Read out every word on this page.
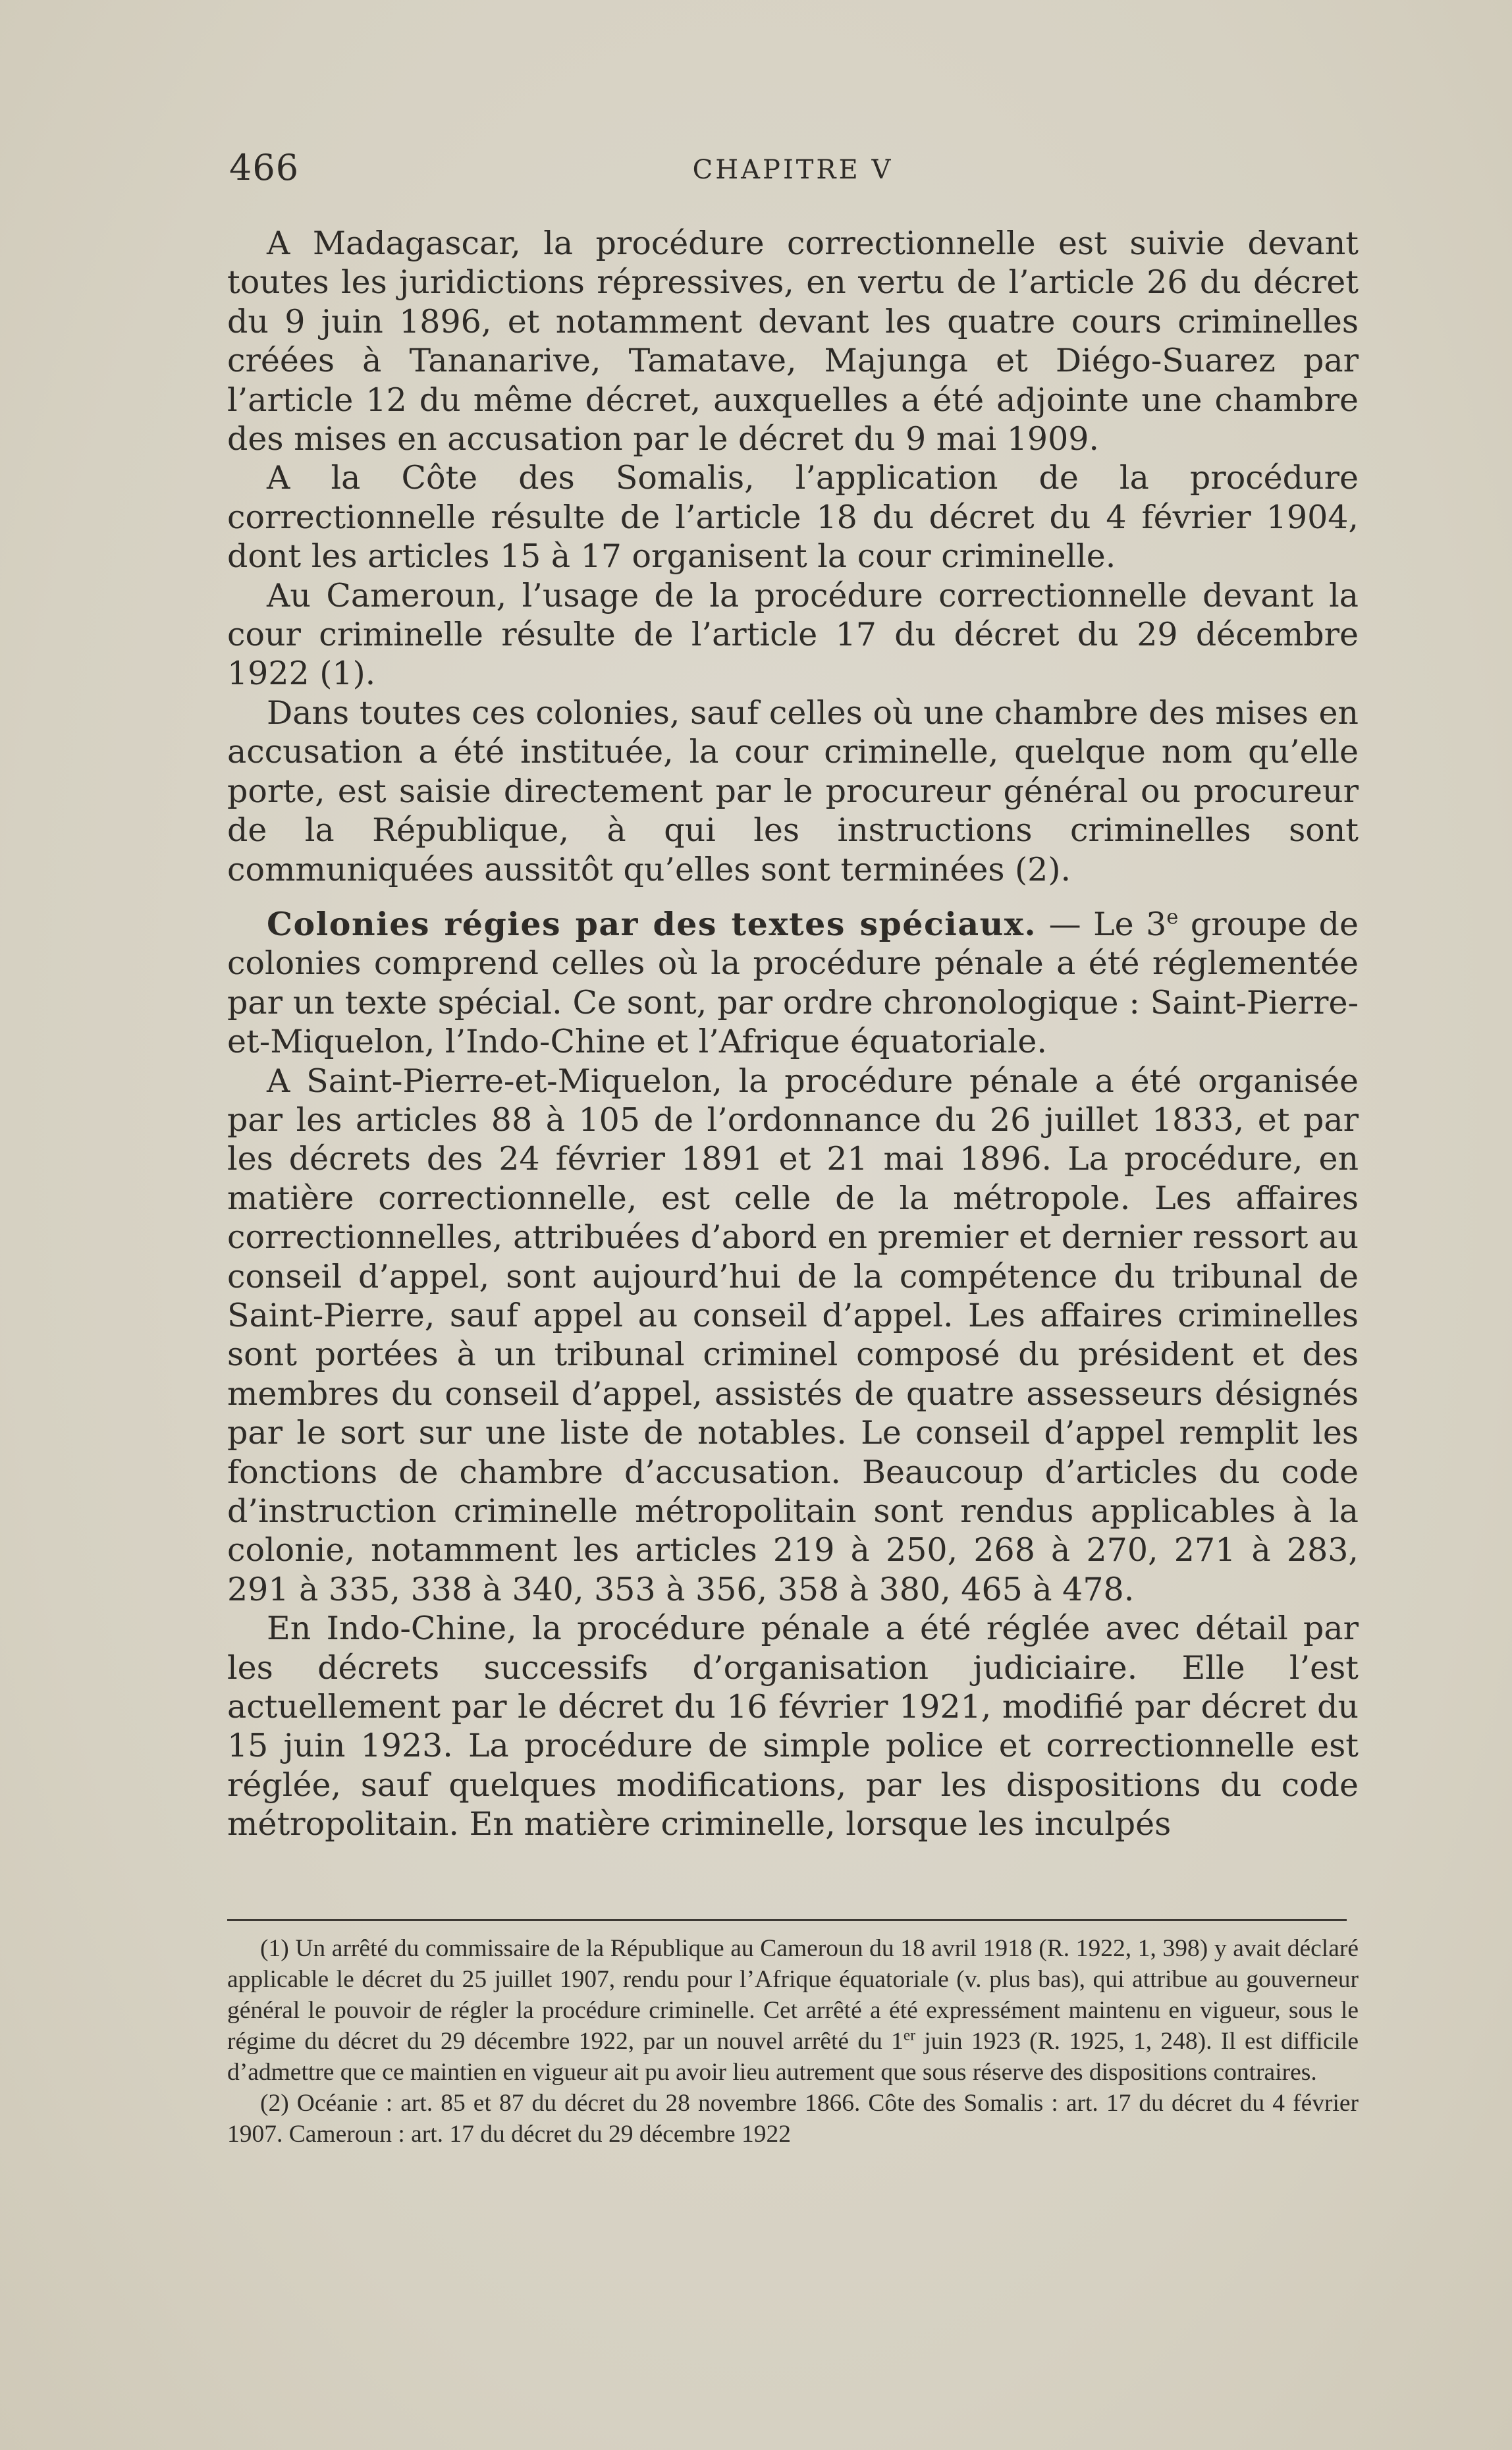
466	CHAPITRE V

A Madagascar, la procédure correctionnelle est suivie devant toutes les juridictions répressives, en vertu de l’article 26 du décret du 9 juin 1896, et notamment devant les quatre cours criminelles créées à Tananarive, Tamatave, Majunga et Diégo-Suarez par l’article 12 du même décret, auxquelles a été adjointe une chambre des mises en accusation par le décret du 9 mai 1909.

A la Côte des Somalis, l’application de la procédure correctionnelle résulte de l’article 18 du décret du 4 février 1904, dont les articles 15 à 17 organisent la cour criminelle.

Au Cameroun, l’usage de la procédure correctionnelle devant la cour criminelle résulte de l’article 17 du décret du 29 décembre 1922 (1).

Dans toutes ces colonies, sauf celles où une chambre des mises en accusation a été instituée, la cour criminelle, quelque nom qu’elle porte, est saisie directement par le procureur général ou procureur de la République, à qui les instructions criminelles sont communiquées aussitôt qu’elles sont terminées (2).

Colonies régies par des textes spéciaux. — Le 3e groupe de colonies comprend celles où la procédure pénale a été réglementée par un texte spécial. Ce sont, par ordre chronologique : Saint-Pierre-et-Miquelon, l’Indo-Chine et l’Afrique équatoriale.

A Saint-Pierre-et-Miquelon, la procédure pénale a été organisée par les articles 88 à 105 de l’ordonnance du 26 juillet 1833, et par les décrets des 24 février 1891 et 21 mai 1896. La procédure, en matière correctionnelle, est celle de la métropole. Les affaires correctionnelles, attribuées d’abord en premier et dernier ressort au conseil d’appel, sont aujourd’hui de la compétence du tribunal de Saint-Pierre, sauf appel au conseil d’appel. Les affaires criminelles sont portées à un tribunal criminel composé du président et des membres du conseil d’appel, assistés de quatre assesseurs désignés par le sort sur une liste de notables. Le conseil d’appel remplit les fonctions de chambre d’accusation. Beaucoup d’articles du code d’instruction criminelle métropolitain sont rendus applicables à la colonie, notamment les articles 219 à 250, 268 à 270, 271 à 283, 291 à 335, 338 à 340, 353 à 356, 358 à 380, 465 à 478.

En Indo-Chine, la procédure pénale a été réglée avec détail par les décrets successifs d’organisation judiciaire. Elle l’est actuellement par le décret du 16 février 1921, modifié par décret du 15 juin 1923. La procédure de simple police et correctionnelle est réglée, sauf quelques modifications, par les dispositions du code métropolitain. En matière criminelle, lorsque les inculpés

(1) Un arrêté du commissaire de la République au Cameroun du 18 avril 1918 (R. 1922, 1, 398) y avait déclaré applicable le décret du 25 juillet 1907, rendu pour l’Afrique équatoriale (v. plus bas), qui attribue au gouverneur général le pouvoir de régler la procédure criminelle. Cet arrêté a été expressément maintenu en vigueur, sous le régime du décret du 29 décembre 1922, par un nouvel arrêté du 1er juin 1923 (R. 1925, 1, 248). Il est difficile d’admettre que ce maintien en vigueur ait pu avoir lieu autrement que sous réserve des dispositions contraires.

(2) Océanie : art. 85 et 87 du décret du 28 novembre 1866. Côte des Somalis : art. 17 du décret du 4 février 1907. Cameroun : art. 17 du décret du 29 décembre 1922
